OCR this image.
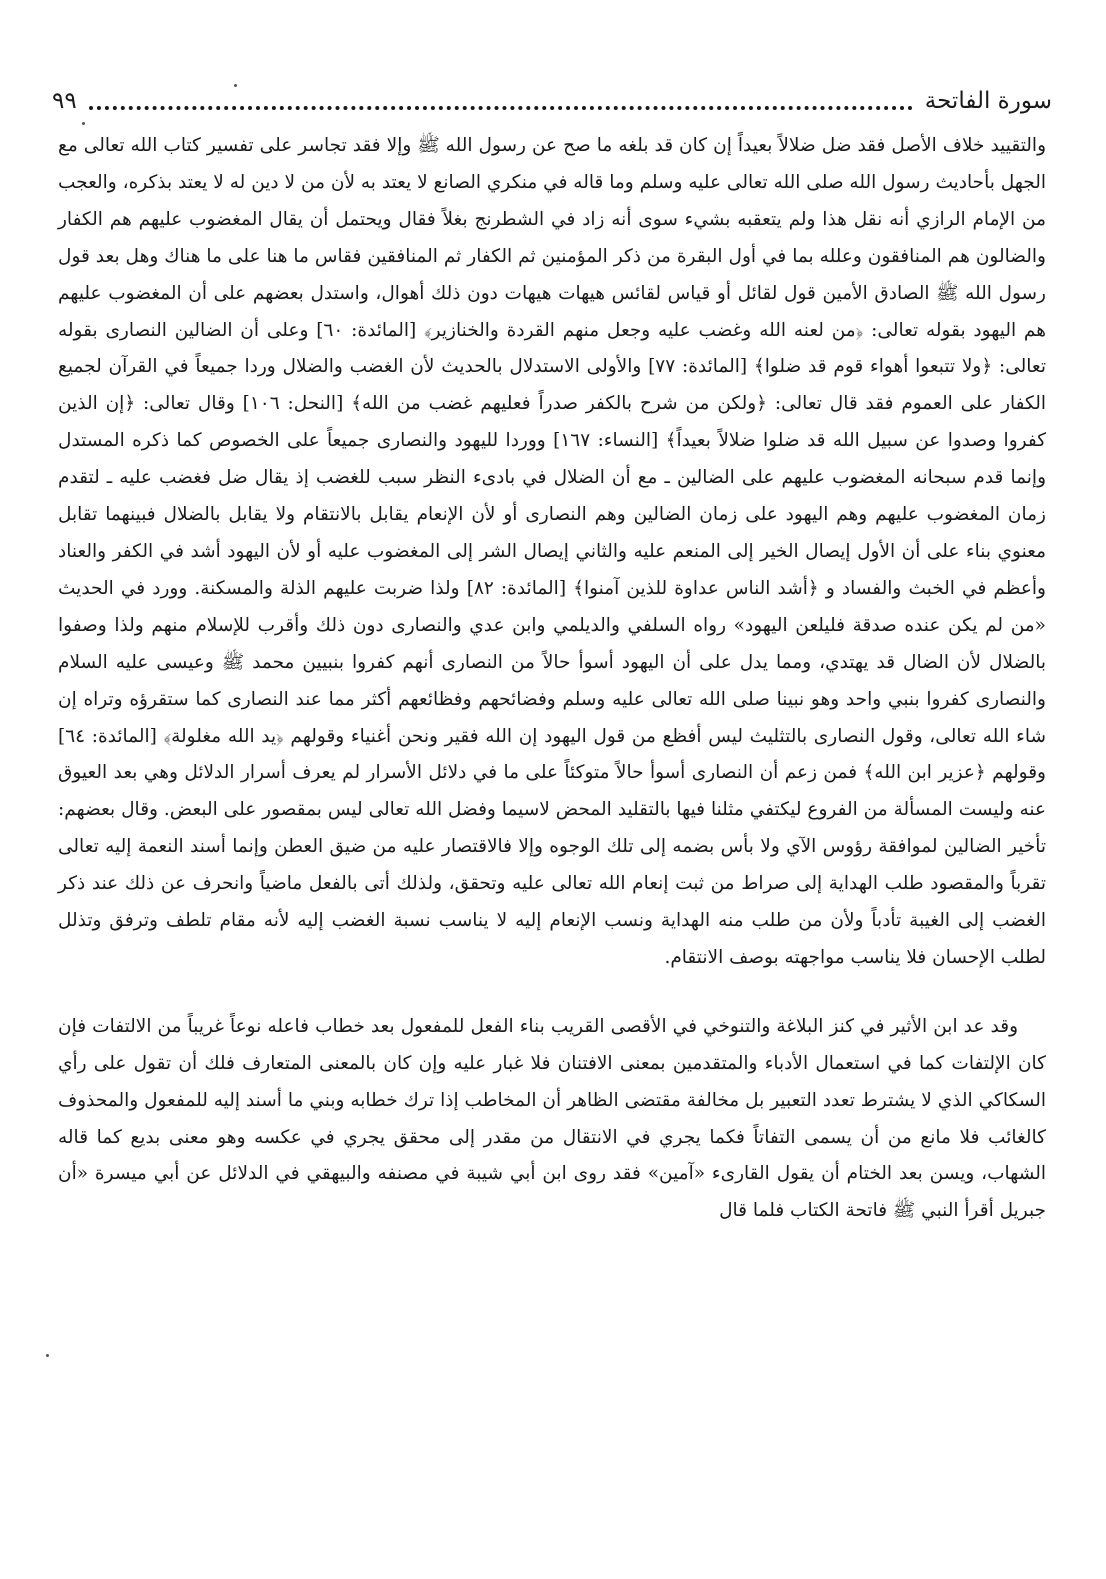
سورة الفاتحة
٩٩

والتقييد خلاف الأصل فقد ضل ضلالاً بعيداً إن كان قد بلغه ما صح عن رسول الله ﷺ وإلا فقد تجاسر على تفسير كتاب الله تعالى مع الجهل بأحاديث رسول الله صلى الله تعالى عليه وسلم وما قاله في منكري الصانع لا يعتد به لأن من لا دين له لا يعتد بذكره، والعجب من الإمام الرازي أنه نقل هذا ولم يتعقبه بشيء سوى أنه زاد في الشطرنج بغلاً فقال ويحتمل أن يقال المغضوب عليهم هم الكفار والضالون هم المنافقون وعلله بما في أول البقرة من ذكر المؤمنين ثم الكفار ثم المنافقين فقاس ما هنا على ما هناك وهل بعد قول رسول الله ﷺ الصادق الأمين قول لقائل أو قياس لقائس هيهات هيهات دون ذلك أهوال، واستدل بعضهم على أن المغضوب عليهم هم اليهود بقوله تعالى: ﴿من لعنه الله وغضب عليه وجعل منهم القردة والخنازير﴾ [المائدة: ٦٠] وعلى أن الضالين النصارى بقوله تعالى: ﴿ولا تتبعوا أهواء قوم قد ضلوا﴾ [المائدة: ٧٧] والأولى الاستدلال بالحديث لأن الغضب والضلال وردا جميعاً في القرآن لجميع الكفار على العموم فقد قال تعالى: ﴿ولكن من شرح بالكفر صدراً فعليهم غضب من الله﴾ [النحل: ١٠٦] وقال تعالى: ﴿إن الذين كفروا وصدوا عن سبيل الله قد ضلوا ضلالاً بعيداً﴾ [النساء: ١٦٧] ووردا لليهود والنصارى جميعاً على الخصوص كما ذكره المستدل وإنما قدم سبحانه المغضوب عليهم على الضالين ـ مع أن الضلال في بادىء النظر سبب للغضب إذ يقال ضل فغضب عليه ـ لتقدم زمان المغضوب عليهم وهم اليهود على زمان الضالين وهم النصارى أو لأن الإنعام يقابل بالانتقام ولا يقابل بالضلال فبينهما تقابل معنوي بناء على أن الأول إيصال الخير إلى المنعم عليه والثاني إيصال الشر إلى المغضوب عليه أو لأن اليهود أشد في الكفر والعناد وأعظم في الخبث والفساد و ﴿أشد الناس عداوة للذين آمنوا﴾ [المائدة: ٨٢] ولذا ضربت عليهم الذلة والمسكنة. وورد في الحديث «من لم يكن عنده صدقة فليلعن اليهود» رواه السلفي والديلمي وابن عدي والنصارى دون ذلك وأقرب للإسلام منهم ولذا وصفوا بالضلال لأن الضال قد يهتدي، ومما يدل على أن اليهود أسوأ حالاً من النصارى أنهم كفروا بنبيين محمد ﷺ وعيسى عليه السلام والنصارى كفروا بنبي واحد وهو نبينا صلى الله تعالى عليه وسلم وفضائحهم وفظائعهم أكثر مما عند النصارى كما ستقرؤه وتراه إن شاء الله تعالى، وقول النصارى بالتثليث ليس أفظع من قول اليهود إن الله فقير ونحن أغنياء وقولهم ﴿يد الله مغلولة﴾ [المائدة: ٦٤] وقولهم ﴿عزير ابن الله﴾ فمن زعم أن النصارى أسوأ حالاً متوكئاً على ما في دلائل الأسرار لم يعرف أسرار الدلائل وهي بعد العيوق عنه وليست المسألة من الفروع ليكتفي مثلنا فيها بالتقليد المحض لاسيما وفضل الله تعالى ليس بمقصور على البعض. وقال بعضهم: تأخير الضالين لموافقة رؤوس الآي ولا بأس بضمه إلى تلك الوجوه وإلا فالاقتصار عليه من ضيق العطن وإنما أسند النعمة إليه تعالى تقرباً والمقصود طلب الهداية إلى صراط من ثبت إنعام الله تعالى عليه وتحقق، ولذلك أتى بالفعل ماضياً وانحرف عن ذلك عند ذكر الغضب إلى الغيبة تأدباً ولأن من طلب منه الهداية ونسب الإنعام إليه لا يناسب نسبة الغضب إليه لأنه مقام تلطف وترفق وتذلل لطلب الإحسان فلا يناسب مواجهته بوصف الانتقام.

وقد عد ابن الأثير في كنز البلاغة والتنوخي في الأقصى القريب بناء الفعل للمفعول بعد خطاب فاعله نوعاً غريباً من الالتفات فإن كان الإلتفات كما في استعمال الأدباء والمتقدمين بمعنى الافتنان فلا غبار عليه وإن كان بالمعنى المتعارف فلك أن تقول على رأي السكاكي الذي لا يشترط تعدد التعبير بل مخالفة مقتضى الظاهر أن المخاطب إذا ترك خطابه وبني ما أسند إليه للمفعول والمحذوف كالغائب فلا مانع من أن يسمى التفاتاً فكما يجري في الانتقال من مقدر إلى محقق يجري في عكسه وهو معنى بديع كما قاله الشهاب، ويسن بعد الختام أن يقول القارىء «آمين» فقد روى ابن أبي شيبة في مصنفه والبيهقي في الدلائل عن أبي ميسرة «أن جبريل أقرأ النبي ﷺ فاتحة الكتاب فلما قال
